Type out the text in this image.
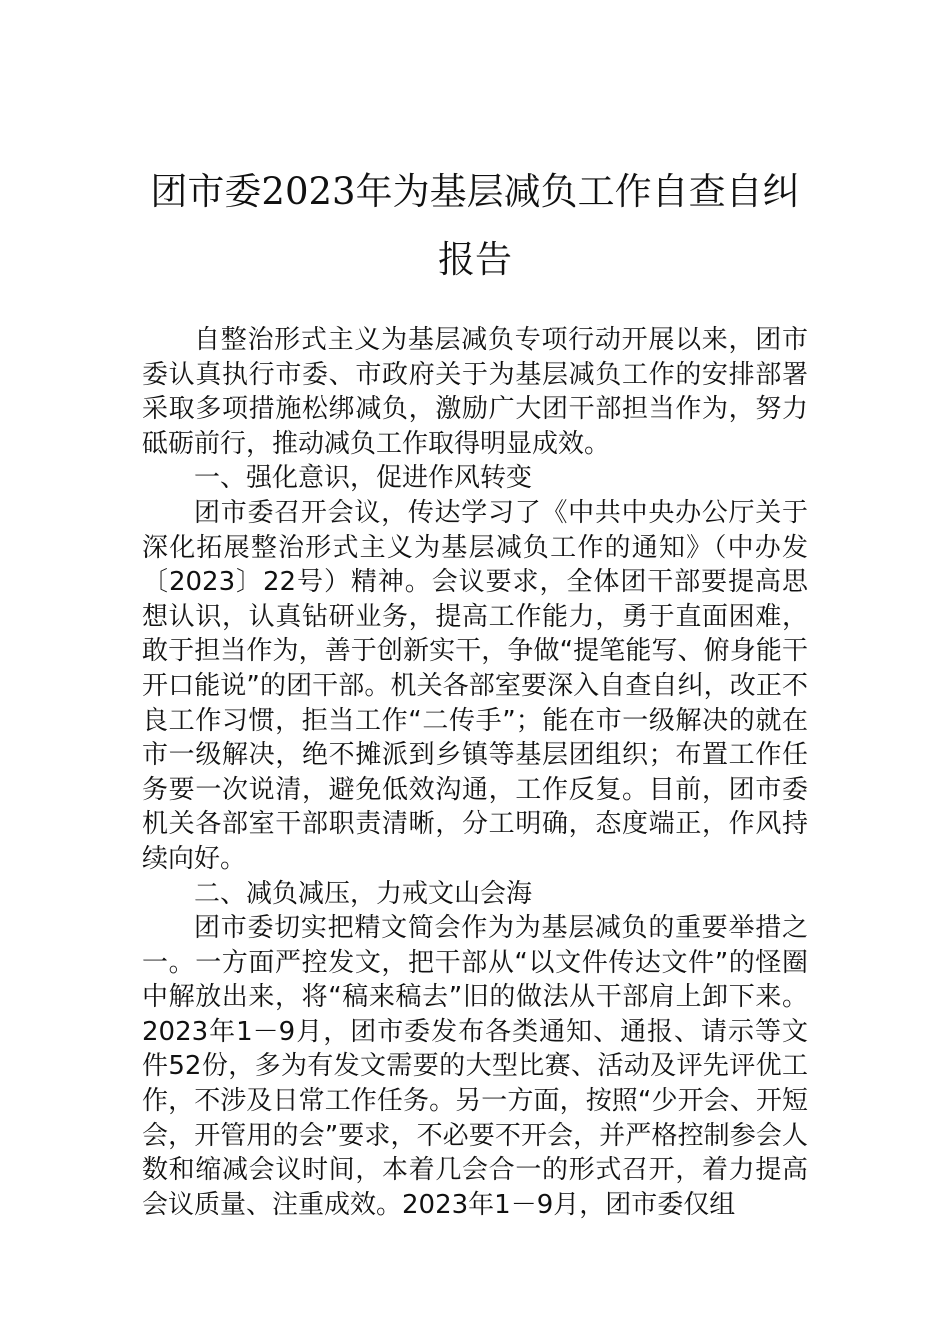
团市委2023年为基层减负工作自查自纠报告

自整治形式主义为基层减负专项行动开展以来，团市委认真执行市委、市政府关于为基层减负工作的安排部署采取多项措施松绑减负，激励广大团干部担当作为，努力砥砺前行，推动减负工作取得明显成效。

一、强化意识，促进作风转变

团市委召开会议，传达学习了《中共中央办公厅关于深化拓展整治形式主义为基层减负工作的通知》（中办发〔2023〕22号）精神。会议要求，全体团干部要提高思想认识，认真钻研业务，提高工作能力，勇于直面困难，敢于担当作为，善于创新实干，争做“提笔能写、俯身能干开口能说”的团干部。机关各部室要深入自查自纠，改正不良工作习惯，拒当工作“二传手”；能在市一级解决的就在市一级解决，绝不摊派到乡镇等基层团组织；布置工作任务要一次说清，避免低效沟通，工作反复。目前，团市委机关各部室干部职责清晰，分工明确，态度端正，作风持续向好。

二、减负减压，力戒文山会海

团市委切实把精文简会作为为基层减负的重要举措之一。一方面严控发文，把干部从“以文件传达文件”的怪圈中解放出来，将“稿来稿去”旧的做法从干部肩上卸下来。2023年1－9月，团市委发布各类通知、通报、请示等文件52份，多为有发文需要的大型比赛、活动及评先评优工作，不涉及日常工作任务。另一方面，按照“少开会、开短会，开管用的会”要求，不必要不开会，并严格控制参会人数和缩减会议时间，本着几会合一的形式召开，着力提高会议质量、注重成效。2023年1－9月，团市委仅组
